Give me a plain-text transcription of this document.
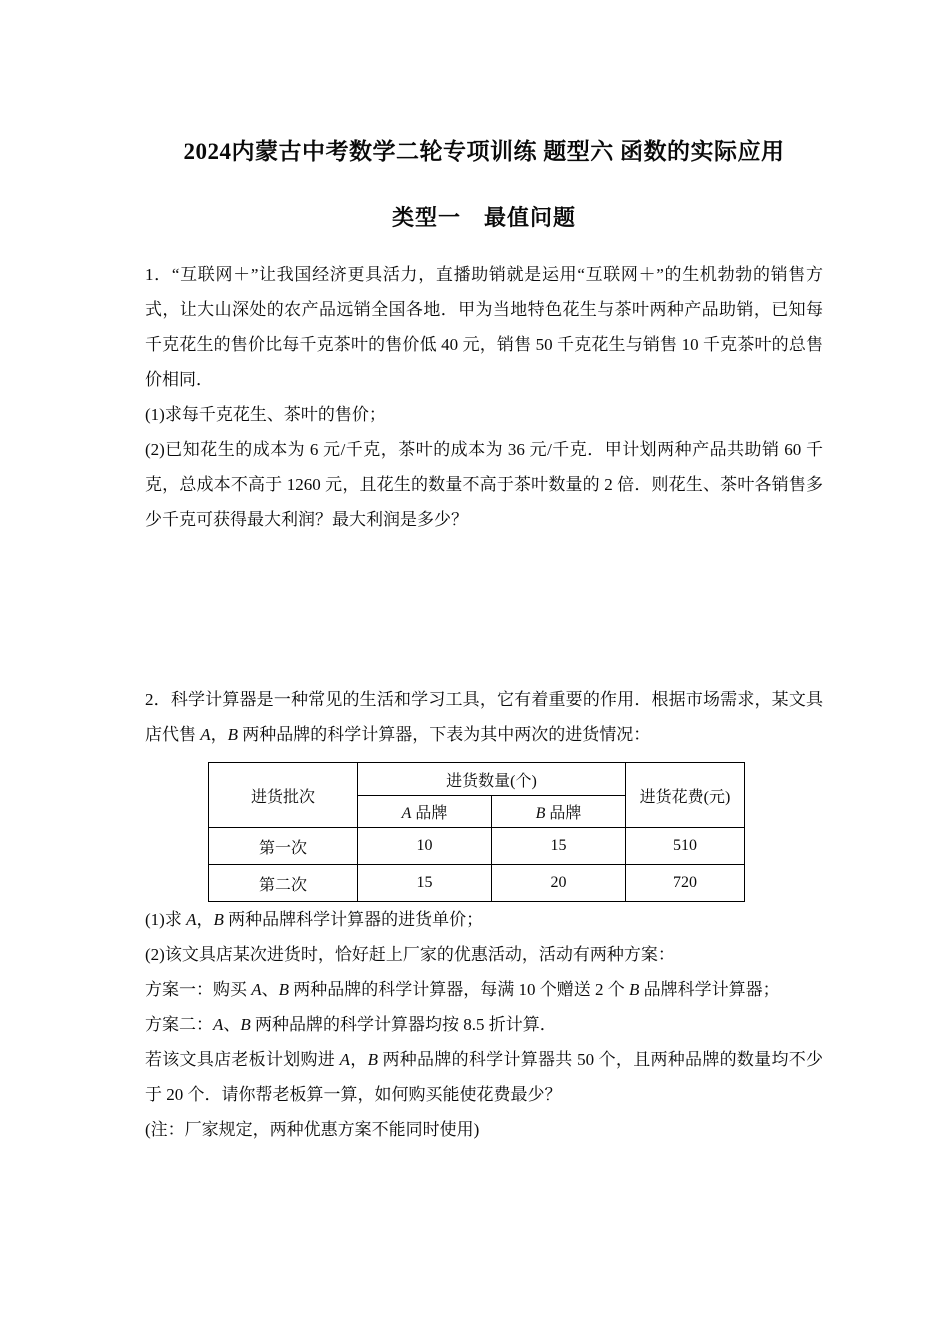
2024内蒙古中考数学二轮专项训练 题型六 函数的实际应用
类型一　最值问题

1．“互联网＋”让我国经济更具活力，直播助销就是运用“互联网＋”的生机勃勃的销售方式，让大山深处的农产品远销全国各地．甲为当地特色花生与茶叶两种产品助销，已知每千克花生的售价比每千克茶叶的售价低 40 元，销售 50 千克花生与销售 10 千克茶叶的总售价相同．

(1)求每千克花生、茶叶的售价；

(2)已知花生的成本为 6 元/千克，茶叶的成本为 36 元/千克．甲计划两种产品共助销 60 千克，总成本不高于 1260 元，且花生的数量不高于茶叶数量的 2 倍．则花生、茶叶各销售多少千克可获得最大利润？最大利润是多少？

2．科学计算器是一种常见的生活和学习工具，它有着重要的作用．根据市场需求，某文具店代售 A，B 两种品牌的科学计算器，下表为其中两次的进货情况：

进货批次	进货数量(个)		进货花费(元)
	A 品牌	B 品牌	
第一次	10	15	510
第二次	15	20	720

(1)求 A，B 两种品牌科学计算器的进货单价；

(2)该文具店某次进货时，恰好赶上厂家的优惠活动，活动有两种方案：

方案一：购买 A、B 两种品牌的科学计算器，每满 10 个赠送 2 个 B 品牌科学计算器；

方案二：A、B 两种品牌的科学计算器均按 8.5 折计算．

若该文具店老板计划购进 A，B 两种品牌的科学计算器共 50 个，且两种品牌的数量均不少于 20 个．请你帮老板算一算，如何购买能使花费最少？

(注：厂家规定，两种优惠方案不能同时使用)
